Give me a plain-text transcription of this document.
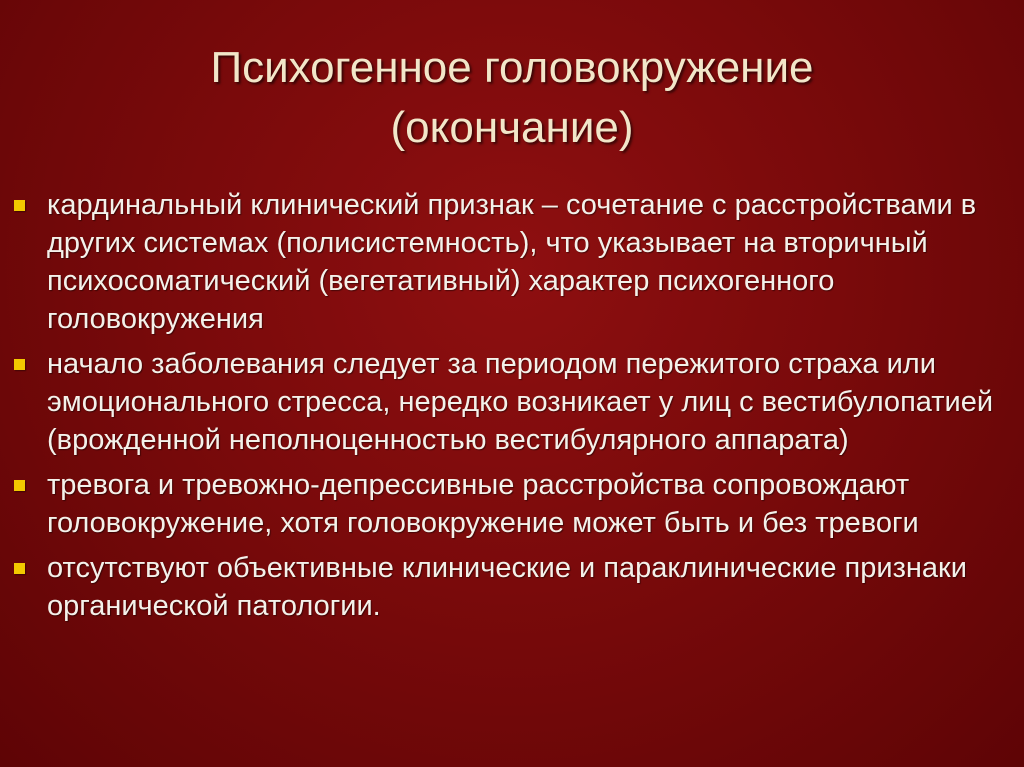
Психогенное головокружение
(окончание)
кардинальный клинический признак – сочетание с расстройствами в других системах (полисистемность), что указывает на вторичный психосоматический (вегетативный) характер психогенного головокружения
начало заболевания следует за периодом пережитого страха или эмоционального стресса, нередко возникает у лиц с вестибулопатией (врожденной неполноценностью вестибулярного аппарата)
тревога и тревожно-депрессивные расстройства сопровождают головокружение, хотя головокружение может быть и без тревоги
отсутствуют объективные клинические и параклинические признаки органической патологии.
